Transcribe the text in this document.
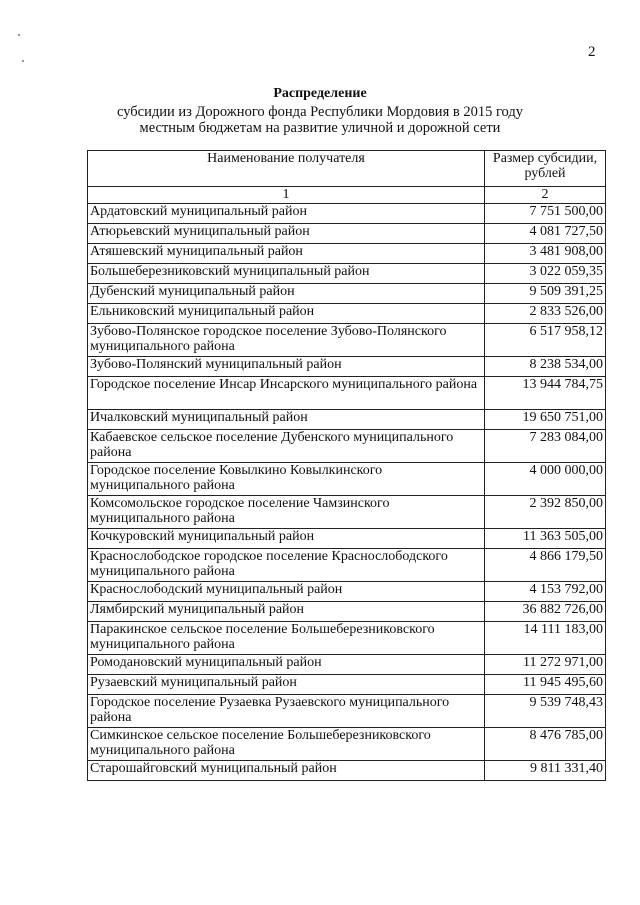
2
Распределение
субсидии из Дорожного фонда Республики Мордовия в 2015 году
местным бюджетам на развитие уличной и дорожной сети
Наименование получателя	Размер субсидии,
рублей

1	2
Ардатовский муниципальный район	7 751 500,00
Атюрьевский муниципальный район	4 081 727,50
Атяшевский муниципальный район	3 481 908,00
Большеберезниковский муниципальный район	3 022 059,35
Дубенский муниципальный район	9 509 391,25
Ельниковский муниципальный район	2 833 526,00
Зубово-Полянское городское поселение Зубово-Полянского муниципального района	6 517 958,12
Зубово-Полянский муниципальный район	8 238 534,00
Городское поселение Инсар Инсарского муниципального района	13 944 784,75
Ичалковский муниципальный район	19 650 751,00
Кабаевское сельское поселение Дубенского муниципального района	7 283 084,00
Городское поселение Ковылкино Ковылкинского муниципального района	4 000 000,00
Комсомольское городское поселение Чамзинского муниципального района	2 392 850,00
Кочкуровский муниципальный район	11 363 505,00
Краснослободское городское поселение Краснослободского муниципального района	4 866 179,50
Краснослободский муниципальный район	4 153 792,00
Лямбирский муниципальный район	36 882 726,00
Паракинское сельское поселение Большеберезниковского муниципального района	14 111 183,00
Ромодановский муниципальный район	11 272 971,00
Рузаевский муниципальный район	11 945 495,60
Городское поселение Рузаевка Рузаевского муниципального района	9 539 748,43
Симкинское сельское поселение Большеберезниковского муниципального района	8 476 785,00
Старошайговский муниципальный район	9 811 331,40
